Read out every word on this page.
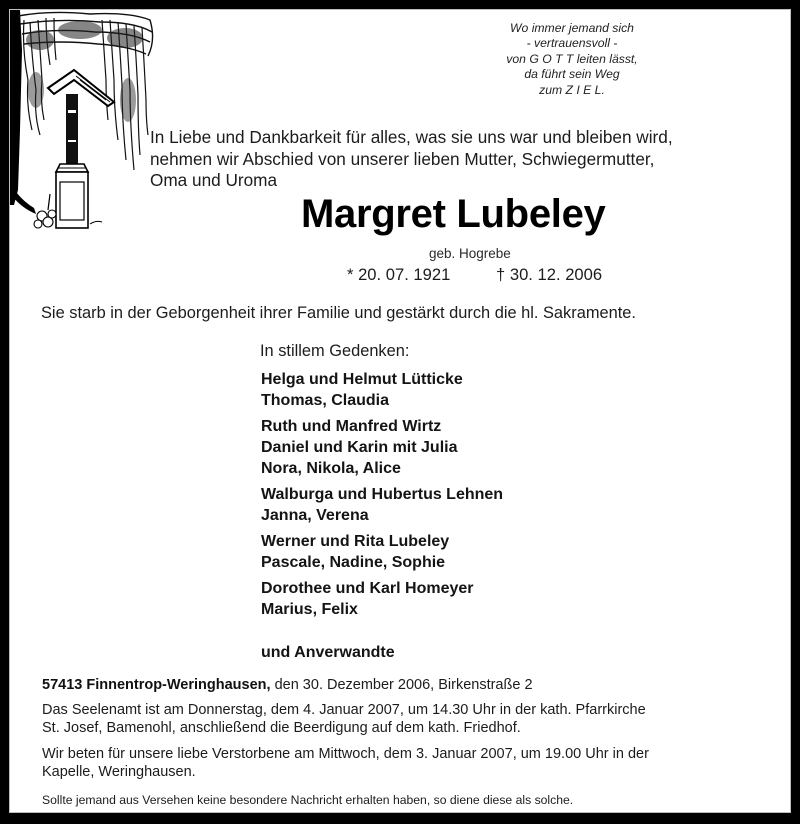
Wo immer jemand sich
- vertrauensvoll -
von G O T T leiten lässt,
da führt sein Weg
zum Z I E L.
In Liebe und Dankbarkeit für alles, was sie uns war und bleiben wird,
nehmen wir Abschied von unserer lieben Mutter, Schwiegermutter,
Oma und Uroma
Margret Lubeley
geb. Hogrebe
* 20. 07. 1921	† 30. 12. 2006
Sie starb in der Geborgenheit ihrer Familie und gestärkt durch die hl. Sakramente.
In stillem Gedenken:
Helga und Helmut Lütticke
Thomas, Claudia
Ruth und Manfred Wirtz
Daniel und Karin mit Julia
Nora, Nikola, Alice
Walburga und Hubertus Lehnen
Janna, Verena
Werner und Rita Lubeley
Pascale, Nadine, Sophie
Dorothee und Karl Homeyer
Marius, Felix
und Anverwandte
57413 Finnentrop-Weringhausen, den 30. Dezember 2006, Birkenstraße 2
Das Seelenamt ist am Donnerstag, dem 4. Januar 2007, um 14.30 Uhr in der kath. Pfarrkirche
St. Josef, Bamenohl, anschließend die Beerdigung auf dem kath. Friedhof.
Wir beten für unsere liebe Verstorbene am Mittwoch, dem 3. Januar 2007, um 19.00 Uhr in der
Kapelle, Weringhausen.
Sollte jemand aus Versehen keine besondere Nachricht erhalten haben, so diene diese als solche.
